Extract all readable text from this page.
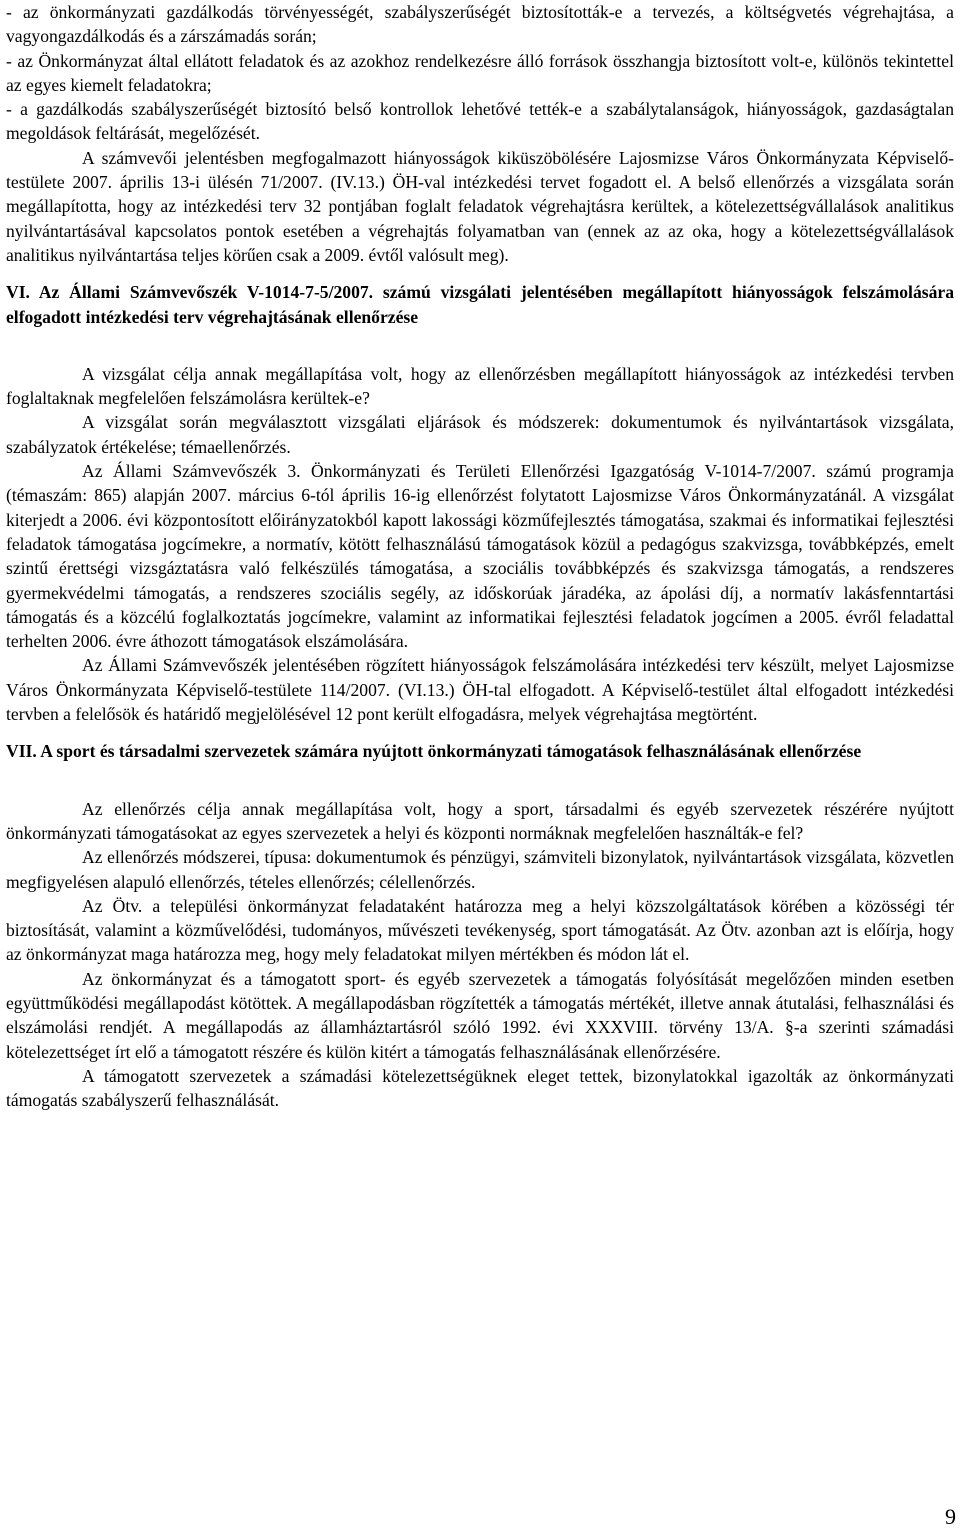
- az önkormányzati gazdálkodás törvényességét, szabályszerűségét biztosították-e a tervezés, a költségvetés végrehajtása, a vagyongazdálkodás és a zárszámadás során;

- az Önkormányzat által ellátott feladatok és az azokhoz rendelkezésre álló források összhangja biztosított volt-e, különös tekintettel az egyes kiemelt feladatokra;

- a gazdálkodás szabályszerűségét biztosító belső kontrollok lehetővé tették-e a szabálytalanságok, hiányosságok, gazdaságtalan megoldások feltárását, megelőzését.

A számvevői jelentésben megfogalmazott hiányosságok kiküszöbölésére Lajosmizse Város Önkormányzata Képviselő-testülete 2007. április 13-i ülésén 71/2007. (IV.13.) ÖH-val intézkedési tervet fogadott el. A belső ellenőrzés a vizsgálata során megállapította, hogy az intézkedési terv 32 pontjában foglalt feladatok végrehajtásra kerültek, a kötelezettségvállalások analitikus nyilvántartásával kapcsolatos pontok esetében a végrehajtás folyamatban van (ennek az az oka, hogy a kötelezettségvállalások analitikus nyilvántartása teljes körűen csak a 2009. évtől valósult meg).

VI. Az Állami Számvevőszék V-1014-7-5/2007. számú vizsgálati jelentésében megállapított hiányosságok felszámolására elfogadott intézkedési terv végrehajtásának ellenőrzése

A vizsgálat célja annak megállapítása volt, hogy az ellenőrzésben megállapított hiányosságok az intézkedési tervben foglaltaknak megfelelően felszámolásra kerültek-e?

A vizsgálat során megválasztott vizsgálati eljárások és módszerek: dokumentumok és nyilvántartások vizsgálata, szabályzatok értékelése; témaellenőrzés.

Az Állami Számvevőszék 3. Önkormányzati és Területi Ellenőrzési Igazgatóság V-1014-7/2007. számú programja (témaszám: 865) alapján 2007. március 6-tól április 16-ig ellenőrzést folytatott Lajosmizse Város Önkormányzatánál. A vizsgálat kiterjedt a 2006. évi központosított előirányzatokból kapott lakossági közműfejlesztés támogatása, szakmai és informatikai fejlesztési feladatok támogatása jogcímekre, a normatív, kötött felhasználású támogatások közül a pedagógus szakvizsga, továbbképzés, emelt szintű érettségi vizsgáztatásra való felkészülés támogatása, a szociális továbbképzés és szakvizsga támogatás, a rendszeres gyermekvédelmi támogatás, a rendszeres szociális segély, az időskorúak járadéka, az ápolási díj, a normatív lakásfenntartási támogatás és a közcélú foglalkoztatás jogcímekre, valamint az informatikai fejlesztési feladatok jogcímen a 2005. évről feladattal terhelten 2006. évre áthozott támogatások elszámolására.

Az Állami Számvevőszék jelentésében rögzített hiányosságok felszámolására intézkedési terv készült, melyet Lajosmizse Város Önkormányzata Képviselő-testülete 114/2007. (VI.13.) ÖH-tal elfogadott. A Képviselő-testület által elfogadott intézkedési tervben a felelősök és határidő megjelölésével 12 pont került elfogadásra, melyek végrehajtása megtörtént.

VII. A sport és társadalmi szervezetek számára nyújtott önkormányzati támogatások felhasználásának ellenőrzése

Az ellenőrzés célja annak megállapítása volt, hogy a sport, társadalmi és egyéb szervezetek részérére nyújtott önkormányzati támogatásokat az egyes szervezetek a helyi és központi normáknak megfelelően használták-e fel?

Az ellenőrzés módszerei, típusa: dokumentumok és pénzügyi, számviteli bizonylatok, nyilvántartások vizsgálata, közvetlen megfigyelésen alapuló ellenőrzés, tételes ellenőrzés; célellenőrzés.

Az Ötv. a települési önkormányzat feladataként határozza meg a helyi közszolgáltatások körében a közösségi tér biztosítását, valamint a közművelődési, tudományos, művészeti tevékenység, sport támogatását. Az Ötv. azonban azt is előírja, hogy az önkormányzat maga határozza meg, hogy mely feladatokat milyen mértékben és módon lát el.

Az önkormányzat és a támogatott sport- és egyéb szervezetek a támogatás folyósítását megelőzően minden esetben együttműködési megállapodást kötöttek. A megállapodásban rögzítették a támogatás mértékét, illetve annak átutalási, felhasználási és elszámolási rendjét. A megállapodás az államháztartásról szóló 1992. évi XXXVIII. törvény 13/A. §-a szerinti számadási kötelezettséget írt elő a támogatott részére és külön kitért a támogatás felhasználásának ellenőrzésére.

A támogatott szervezetek a számadási kötelezettségüknek eleget tettek, bizonylatokkal igazolták az önkormányzati támogatás szabályszerű felhasználását.

9
